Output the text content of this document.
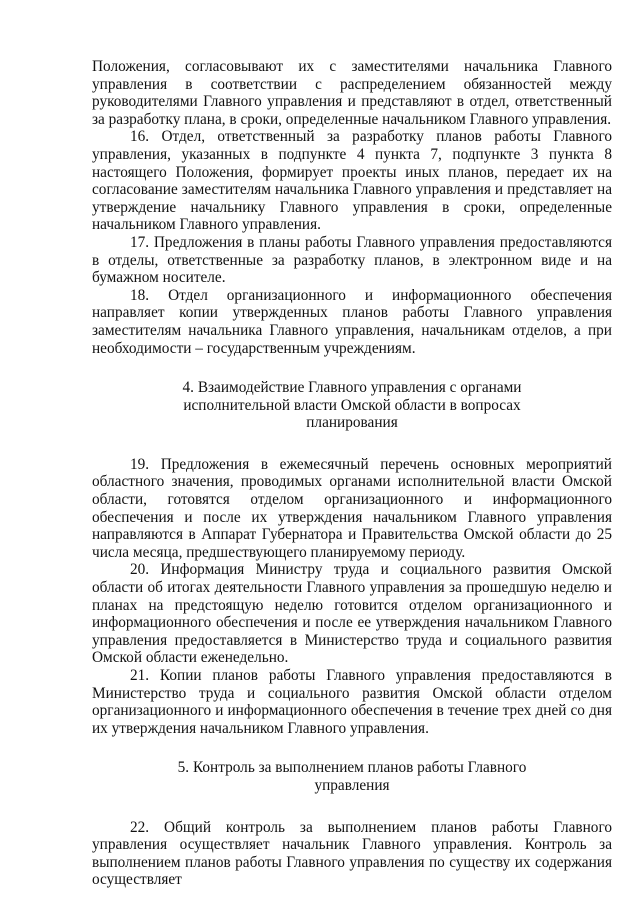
Положения, согласовывают их с заместителями начальника Главного управления в соответствии с распределением обязанностей между руководителями Главного управления и представляют в отдел, ответственный за разработку плана, в сроки, определенные начальником Главного управления.

16. Отдел, ответственный за разработку планов работы Главного управления, указанных в подпункте 4 пункта 7, подпункте 3 пункта 8 настоящего Положения, формирует проекты иных планов, передает их на согласование заместителям начальника Главного управления и представляет на утверждение начальнику Главного управления в сроки, определенные начальником Главного управления.

17. Предложения в планы работы Главного управления предоставляются в отделы, ответственные за разработку планов, в электронном виде и на бумажном носителе.

18. Отдел организационного и информационного обеспечения направляет копии утвержденных планов работы Главного управления заместителям начальника Главного управления, начальникам отделов, а при необходимости – государственным учреждениям.

4. Взаимодействие Главного управления с органами исполнительной власти Омской области в вопросах планирования

19. Предложения в ежемесячный перечень основных мероприятий областного значения, проводимых органами исполнительной власти Омской области, готовятся отделом организационного и информационного обеспечения и после их утверждения начальником Главного управления направляются в Аппарат Губернатора и Правительства Омской области до 25 числа месяца, предшествующего планируемому периоду.

20. Информация Министру труда и социального развития Омской области об итогах деятельности Главного управления за прошедшую неделю и планах на предстоящую неделю готовится отделом организационного и информационного обеспечения и после ее утверждения начальником Главного управления предоставляется в Министерство труда и социального развития Омской области еженедельно.

21. Копии планов работы Главного управления предоставляются в Министерство труда и социального развития Омской области отделом организационного и информационного обеспечения в течение трех дней со дня их утверждения начальником Главного управления.

5. Контроль за выполнением планов работы Главного управления

22. Общий контроль за выполнением планов работы Главного управления осуществляет начальник Главного управления. Контроль за выполнением планов работы Главного управления по существу их содержания осуществляет
